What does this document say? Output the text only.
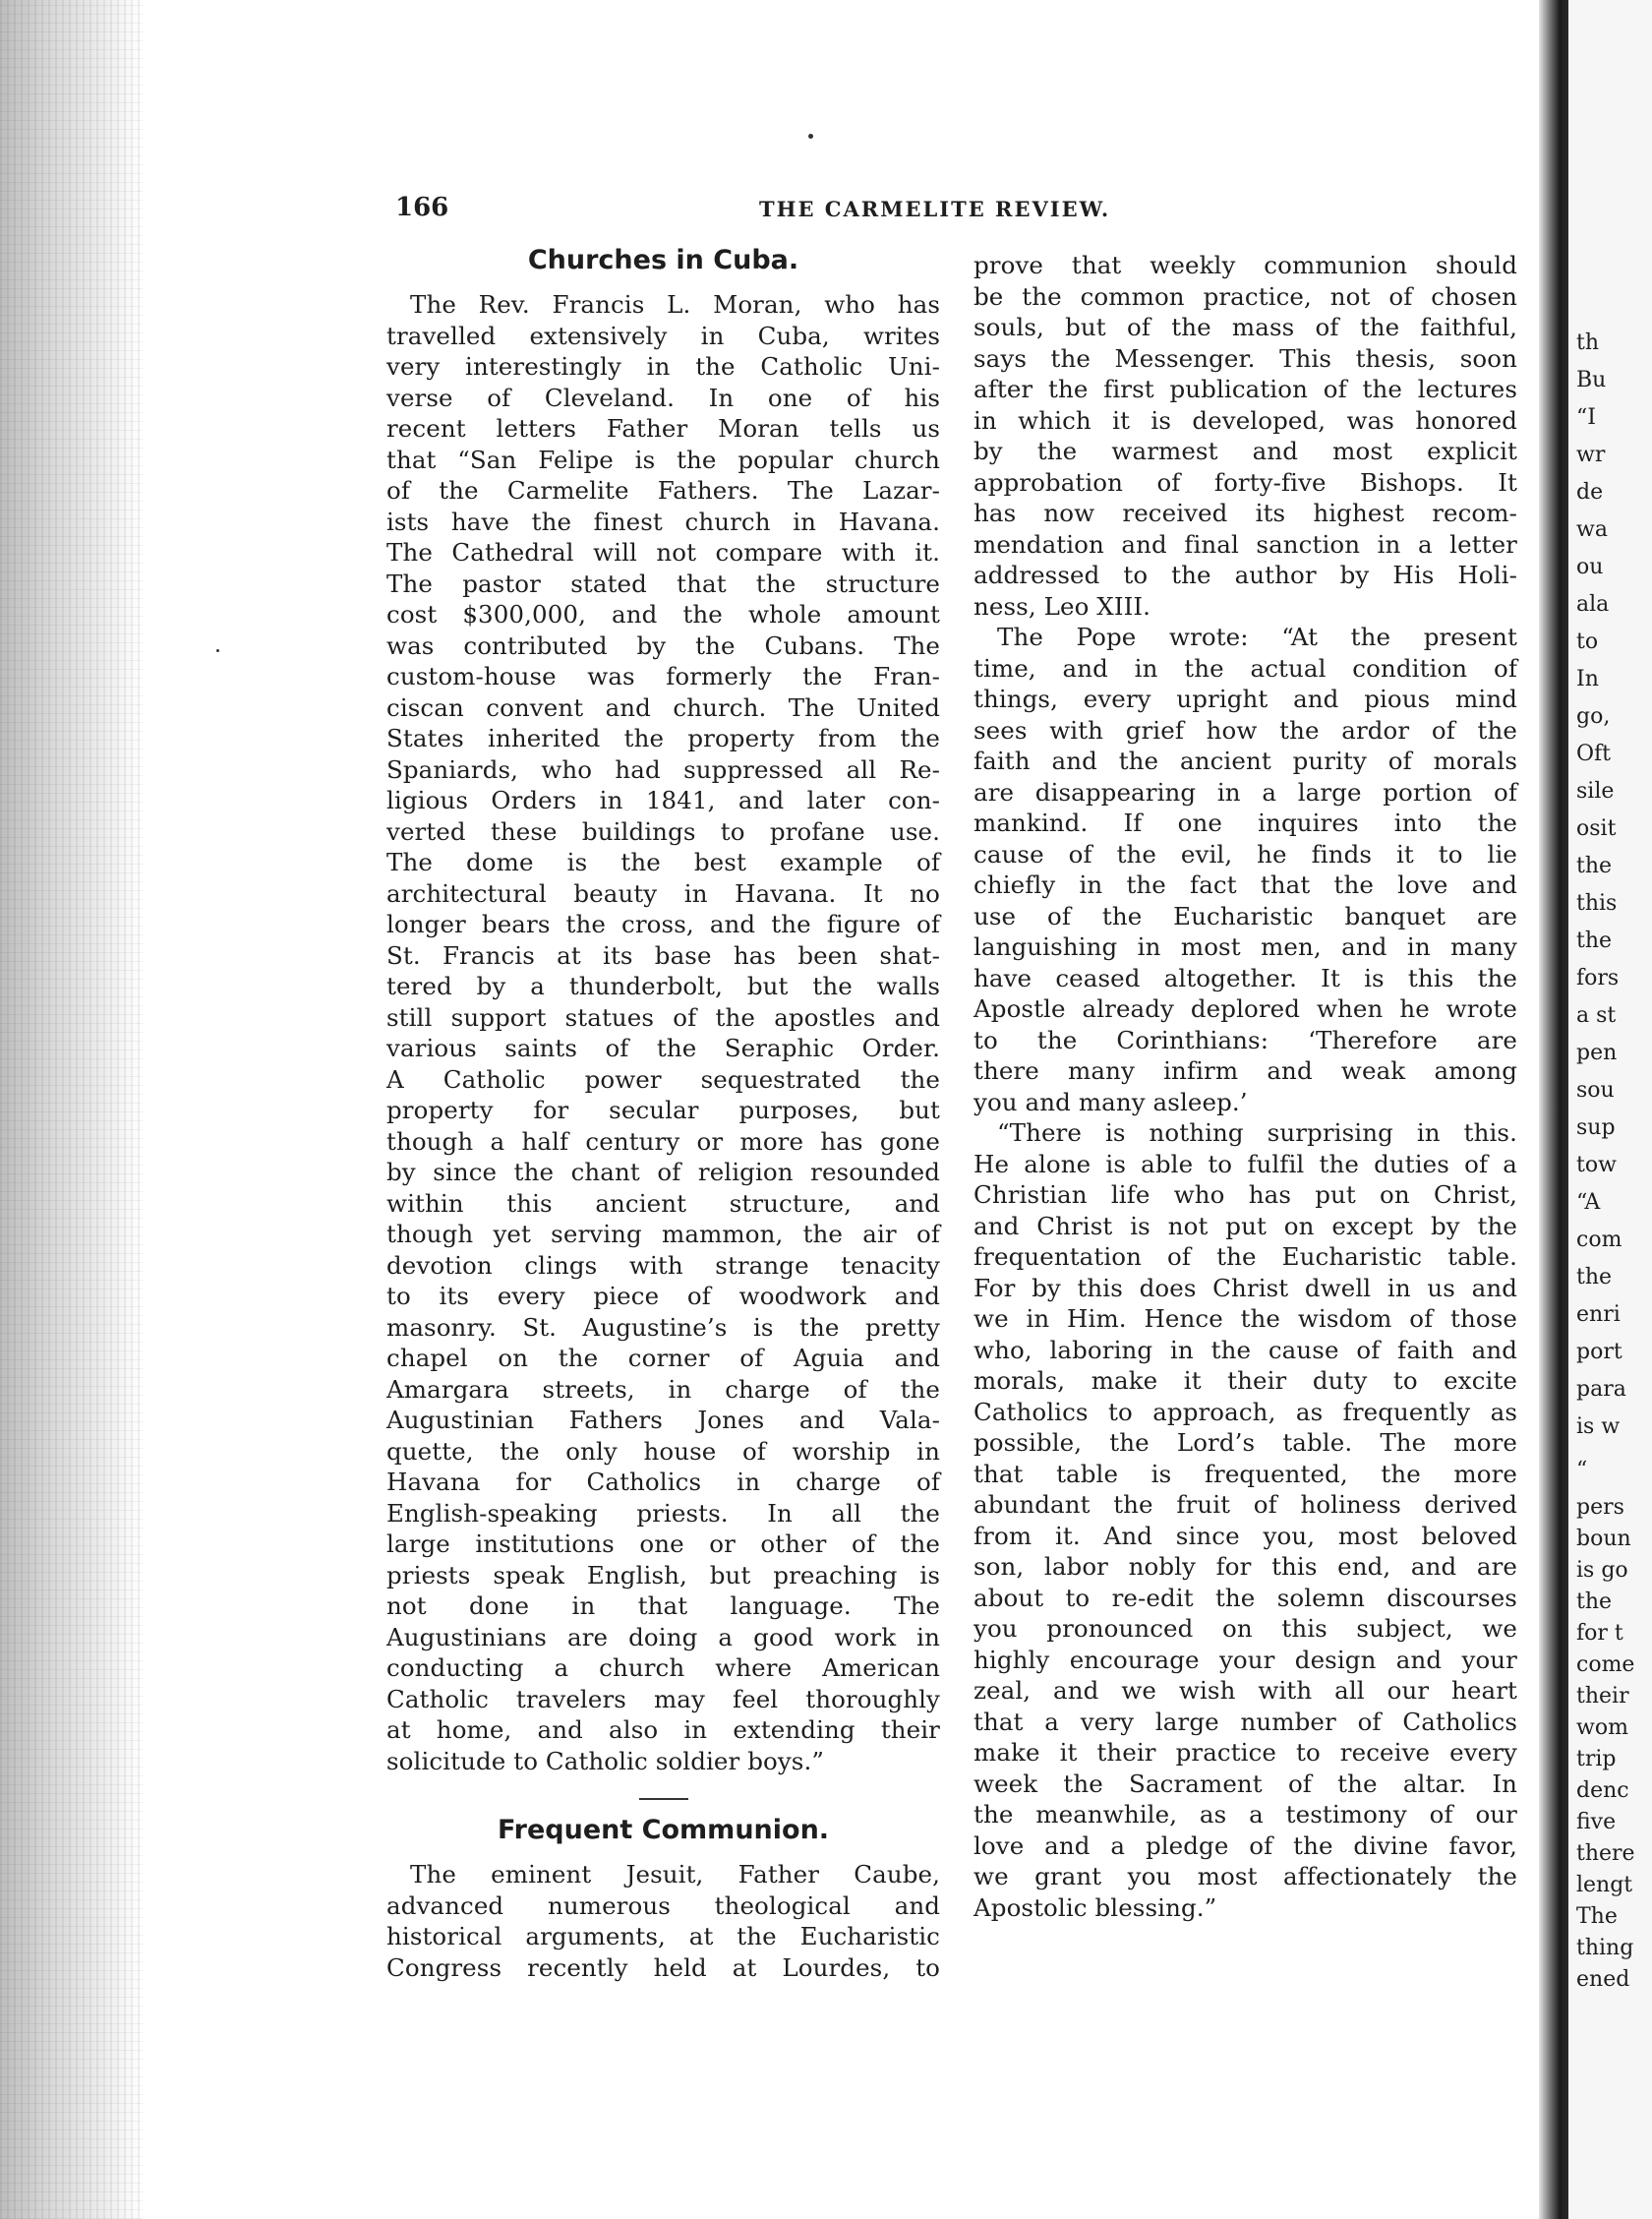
166	THE CARMELITE REVIEW.
Churches in Cuba.
The Rev. Francis L. Moran, who has
travelled extensively in Cuba, writes
very interestingly in the Catholic Uni-
verse of Cleveland. In one of his
recent letters Father Moran tells us
that “San Felipe is the popular church
of the Carmelite Fathers. The Lazar-
ists have the finest church in Havana.
The Cathedral will not compare with it.
The pastor stated that the structure
cost $300,000, and the whole amount
was contributed by the Cubans. The
custom-house was formerly the Fran-
ciscan convent and church. The United
States inherited the property from the
Spaniards, who had suppressed all Re-
ligious Orders in 1841, and later con-
verted these buildings to profane use.
The dome is the best example of
architectural beauty in Havana. It no
longer bears the cross, and the figure of
St. Francis at its base has been shat-
tered by a thunderbolt, but the walls
still support statues of the apostles and
various saints of the Seraphic Order.
A Catholic power sequestrated the
property for secular purposes, but
though a half century or more has gone
by since the chant of religion resounded
within this ancient structure, and
though yet serving mammon, the air of
devotion clings with strange tenacity
to its every piece of woodwork and
masonry. St. Augustine’s is the pretty
chapel on the corner of Aguia and
Amargara streets, in charge of the
Augustinian Fathers Jones and Vala-
quette, the only house of worship in
Havana for Catholics in charge of
English-speaking priests. In all the
large institutions one or other of the
priests speak English, but preaching is
not done in that language. The
Augustinians are doing a good work in
conducting a church where American
Catholic travelers may feel thoroughly
at home, and also in extending their
solicitude to Catholic soldier boys.”
Frequent Communion.
The eminent Jesuit, Father Caube,
advanced numerous theological and
historical arguments, at the Eucharistic
Congress recently held at Lourdes, to
prove that weekly communion should
be the common practice, not of chosen
souls, but of the mass of the faithful,
says the Messenger. This thesis, soon
after the first publication of the lectures
in which it is developed, was honored
by the warmest and most explicit
approbation of forty-five Bishops. It
has now received its highest recom-
mendation and final sanction in a letter
addressed to the author by His Holi-
ness, Leo XIII.
The Pope wrote: “At the present
time, and in the actual condition of
things, every upright and pious mind
sees with grief how the ardor of the
faith and the ancient purity of morals
are disappearing in a large portion of
mankind. If one inquires into the
cause of the evil, he finds it to lie
chiefly in the fact that the love and
use of the Eucharistic banquet are
languishing in most men, and in many
have ceased altogether. It is this the
Apostle already deplored when he wrote
to the Corinthians: ‘Therefore are
there many infirm and weak among
you and many asleep.’
“There is nothing surprising in this.
He alone is able to fulfil the duties of a
Christian life who has put on Christ,
and Christ is not put on except by the
frequentation of the Eucharistic table.
For by this does Christ dwell in us and
we in Him. Hence the wisdom of those
who, laboring in the cause of faith and
morals, make it their duty to excite
Catholics to approach, as frequently as
possible, the Lord’s table. The more
that table is frequented, the more
abundant the fruit of holiness derived
from it. And since you, most beloved
son, labor nobly for this end, and are
about to re-edit the solemn discourses
you pronounced on this subject, we
highly encourage your design and your
zeal, and we wish with all our heart
that a very large number of Catholics
make it their practice to receive every
week the Sacrament of the altar. In
the meanwhile, as a testimony of our
love and a pledge of the divine favor,
we grant you most affectionately the
Apostolic blessing.”
th
Bu
“I
wr
de
wa
ou
ala
to
In
go,
Oft
sile
osit
the
this
the
fors
a st
pen
sou
sup
tow
“A
com
the
enri
port
para
is w
“
pers
boun
is go
the
for t
come
their
wom
trip
denc
five
there
lengt
The
thing
ened
